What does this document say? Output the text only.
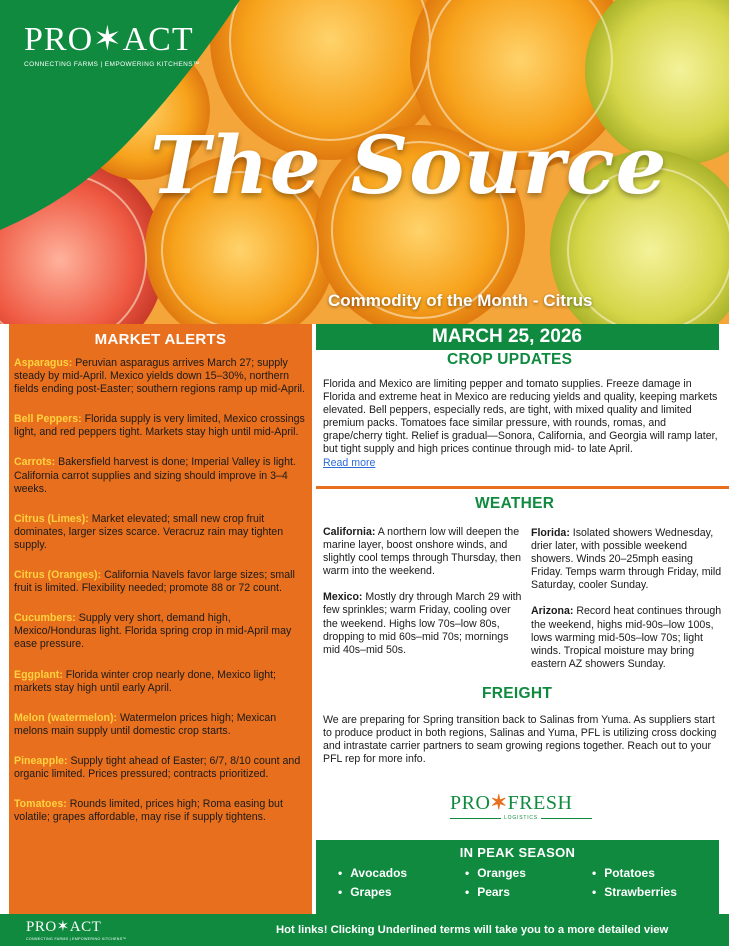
PRO✶ACT
CONNECTING FARMS | EMPOWERING KITCHENS™
The Source
Commodity of the Month - Citrus
MARKET ALERTS
Asparagus: Peruvian asparagus arrives March 27; supply steady by mid-April. Mexico yields down 15–30%, northern fields ending post-Easter; southern regions ramp up mid-April.
Bell Peppers: Florida supply is very limited, Mexico crossings light, and red peppers tight. Markets stay high until mid-April.
Carrots: Bakersfield harvest is done; Imperial Valley is light. California carrot supplies and sizing should improve in 3–4 weeks.
Citrus (Limes): Market elevated; small new crop fruit dominates, larger sizes scarce. Veracruz rain may tighten supply.
Citrus (Oranges): California Navels favor large sizes; small fruit is limited. Flexibility needed; promote 88 or 72 count.
Cucumbers: Supply very short, demand high, Mexico/Honduras light. Florida spring crop in mid-April may ease pressure.
Eggplant: Florida winter crop nearly done, Mexico light; markets stay high until early April.
Melon (watermelon): Watermelon prices high; Mexican melons main supply until domestic crop starts.
Pineapple: Supply tight ahead of Easter; 6/7, 8/10 count and organic limited. Prices pressured; contracts prioritized.
Tomatoes: Rounds limited, prices high; Roma easing but volatile; grapes affordable, may rise if supply tightens.
MARCH 25, 2026
CROP UPDATES
Florida and Mexico are limiting pepper and tomato supplies. Freeze damage in Florida and extreme heat in Mexico are reducing yields and quality, keeping markets elevated. Bell peppers, especially reds, are tight, with mixed quality and limited premium packs. Tomatoes face similar pressure, with rounds, romas, and grape/cherry tight. Relief is gradual—Sonora, California, and Georgia will ramp later, but tight supply and high prices continue through mid- to late April.
Read more
WEATHER
California: A northern low will deepen the marine layer, boost onshore winds, and slightly cool temps through Thursday, then warm into the weekend.
Mexico: Mostly dry through March 29 with few sprinkles; warm Friday, cooling over the weekend. Highs low 70s–low 80s, dropping to mid 60s–mid 70s; mornings mid 40s–mid 50s.
Florida: Isolated showers Wednesday, drier later, with possible weekend showers. Winds 20–25mph easing Friday. Temps warm through Friday, mild Saturday, cooler Sunday.
Arizona: Record heat continues through the weekend, highs mid-90s–low 100s, lows warming mid-50s–low 70s; light winds. Tropical moisture may bring eastern AZ showers Sunday.
FREIGHT
We are preparing for Spring transition back to Salinas from Yuma. As suppliers start to produce product in both regions, Salinas and Yuma, PFL is utilizing cross docking and intrastate carrier partners to seam growing regions together. Reach out to your PFL rep for more info.
PRO✶FRESH
LOGISTICS
IN PEAK SEASON
• Avocados	• Oranges	• Potatoes
• Grapes	• Pears	• Strawberries
PRO✶ACT
CONNECTING FARMS | EMPOWERING KITCHENS™
Hot links! Clicking Underlined terms will take you to a more detailed view
